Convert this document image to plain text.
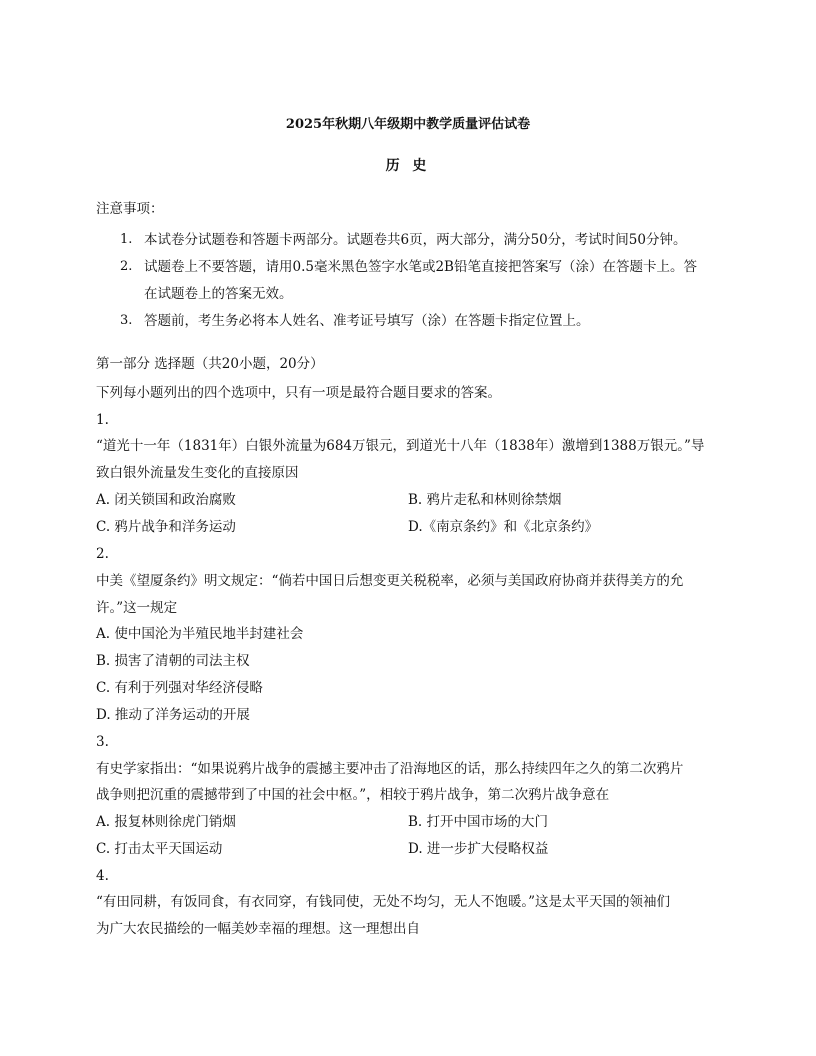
2025年秋期八年级期中教学质量评估试卷
历 史
注意事项：
1. 本试卷分试题卷和答题卡两部分。试题卷共6页，两大部分，满分50分，考试时间50分钟。
2. 试题卷上不要答题，请用0.5毫米黑色签字水笔或2B铅笔直接把答案写（涂）在答题卡上。答
在试题卷上的答案无效。
3. 答题前，考生务必将本人姓名、准考证号填写（涂）在答题卡指定位置上。
第一部分 选择题（共20小题，20分）
下列每小题列出的四个选项中，只有一项是最符合题目要求的答案。
1.
“道光十一年（1831年）白银外流量为684万银元，到道光十八年（1838年）激增到1388万银元。”导
致白银外流量发生变化的直接原因
A. 闭关锁国和政治腐败	B. 鸦片走私和林则徐禁烟
C. 鸦片战争和洋务运动	D.《南京条约》和《北京条约》
2.
中美《望厦条约》明文规定：“倘若中国日后想变更关税税率，必须与美国政府协商并获得美方的允
许。”这一规定
A. 使中国沦为半殖民地半封建社会
B. 损害了清朝的司法主权
C. 有利于列强对华经济侵略
D. 推动了洋务运动的开展
3.
有史学家指出：“如果说鸦片战争的震撼主要冲击了沿海地区的话，那么持续四年之久的第二次鸦片
战争则把沉重的震撼带到了中国的社会中枢。”，相较于鸦片战争，第二次鸦片战争意在
A. 报复林则徐虎门销烟	B. 打开中国市场的大门
C. 打击太平天国运动	D. 进一步扩大侵略权益
4.
“有田同耕，有饭同食，有衣同穿，有钱同使，无处不均匀，无人不饱暖。”这是太平天国的领袖们
为广大农民描绘的一幅美妙幸福的理想。这一理想出自
